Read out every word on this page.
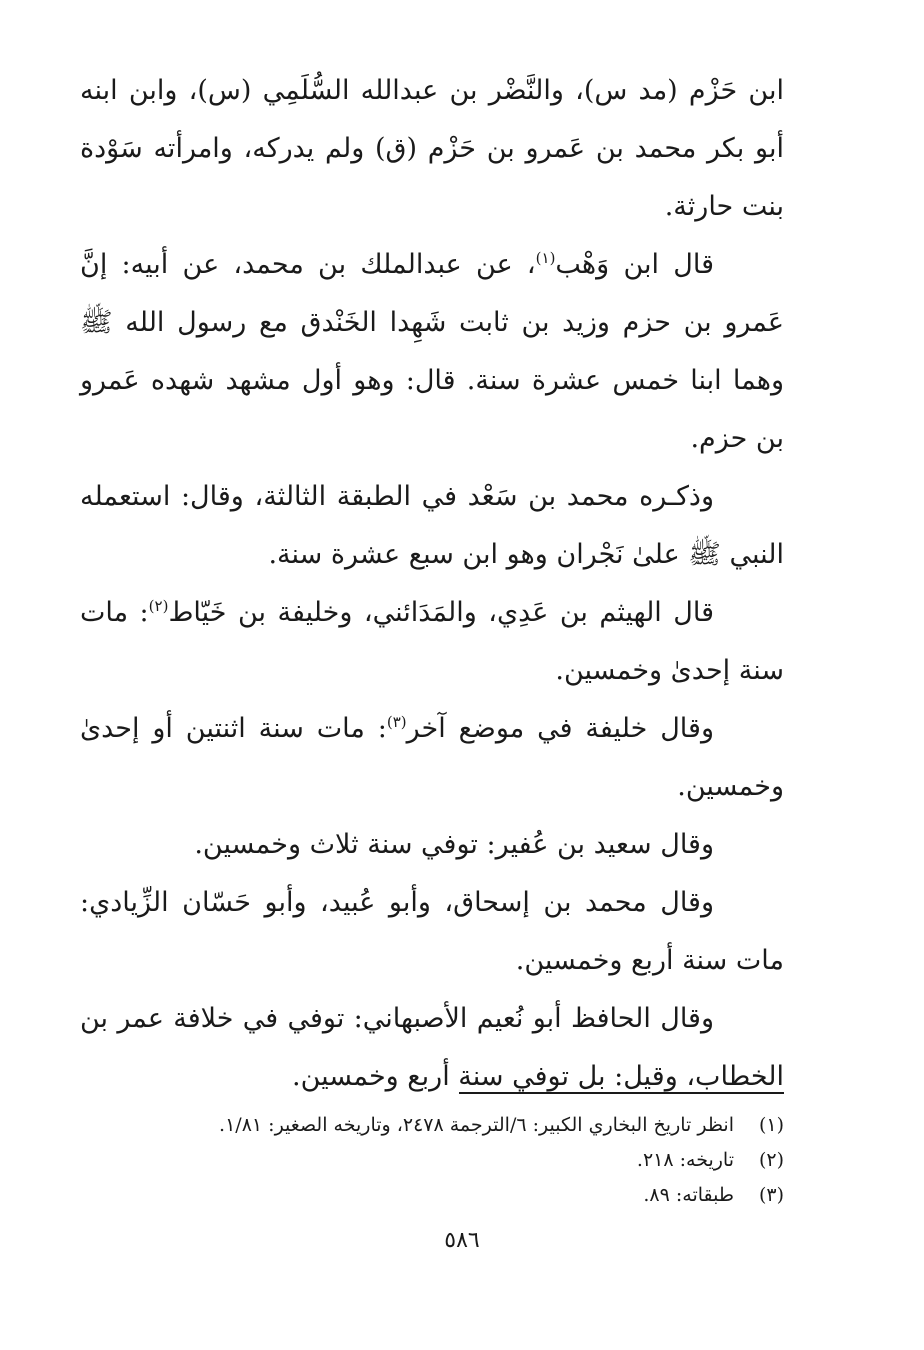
ابن حَزْم (مد س)، والنَّضْر بن عبدالله السُّلَمِي (س)، وابن ابنه أبو بكر محمد بن عَمرو بن حَزْم (ق) ولم يدركه، وامرأته سَوْدة بنت حارثة.

قال ابن وَهْب$^{(١)}$، عن عبدالملك بن محمد، عن أبيه: إنَّ عَمرو بن حزم وزيد بن ثابت شَهِدا الخَنْدق مع رسول الله ﷺ وهما ابنا خمس عشرة سنة. قال: وهو أول مشهد شهده عَمرو بن حزم.

وذكـره محمد بن سَعْد في الطبقة الثالثة، وقال: استعمله النبي ﷺ علىٰ نَجْران وهو ابن سبع عشرة سنة.

قال الهيثم بن عَدِي، والمَدَائني، وخليفة بن خَيّاط$^{(٢)}$: مات سنة إحدىٰ وخمسين.

وقال خليفة في موضع آخر$^{(٣)}$: مات سنة اثنتين أو إحدىٰ وخمسين.

وقال سعيد بن عُفير: توفي سنة ثلاث وخمسين.

وقال محمد بن إسحاق، وأبو عُبيد، وأبو حَسّان الزِّيادي: مات سنة أربع وخمسين.

وقال الحافظ أبو نُعيم الأصبهاني: توفي في خلافة عمر بن الخطاب، وقيل: بل توفي سنة أربع وخمسين.

(١)انظر تاريخ البخاري الكبير: ٦/الترجمة ٢٤٧٨، وتاريخه الصغير: ١/٨١.
(٢)تاريخه: ٢١٨.
(٣)طبقاته: ٨٩.
٥٨٦
